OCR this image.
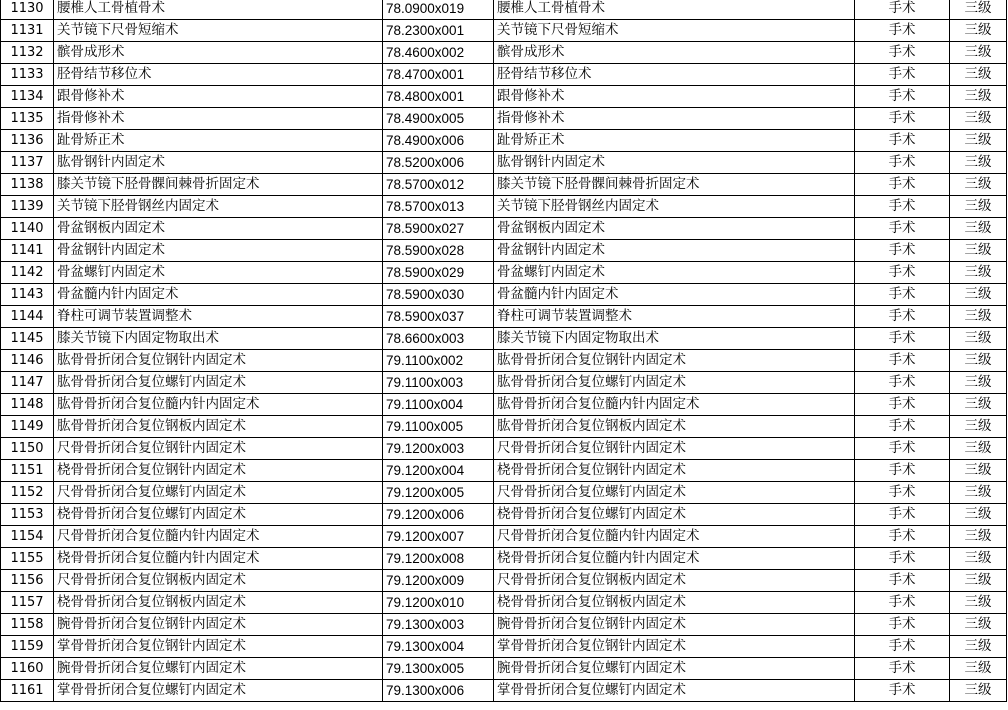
1130	腰椎人工骨植骨术	78.0900x019	腰椎人工骨植骨术	手术	三级
1131	关节镜下尺骨短缩术	78.2300x001	关节镜下尺骨短缩术	手术	三级
1132	髌骨成形术	78.4600x002	髌骨成形术	手术	三级
1133	胫骨结节移位术	78.4700x001	胫骨结节移位术	手术	三级
1134	跟骨修补术	78.4800x001	跟骨修补术	手术	三级
1135	指骨修补术	78.4900x005	指骨修补术	手术	三级
1136	趾骨矫正术	78.4900x006	趾骨矫正术	手术	三级
1137	肱骨钢针内固定术	78.5200x006	肱骨钢针内固定术	手术	三级
1138	膝关节镜下胫骨髁间棘骨折固定术	78.5700x012	膝关节镜下胫骨髁间棘骨折固定术	手术	三级
1139	关节镜下胫骨钢丝内固定术	78.5700x013	关节镜下胫骨钢丝内固定术	手术	三级
1140	骨盆钢板内固定术	78.5900x027	骨盆钢板内固定术	手术	三级
1141	骨盆钢针内固定术	78.5900x028	骨盆钢针内固定术	手术	三级
1142	骨盆螺钉内固定术	78.5900x029	骨盆螺钉内固定术	手术	三级
1143	骨盆髓内针内固定术	78.5900x030	骨盆髓内针内固定术	手术	三级
1144	脊柱可调节装置调整术	78.5900x037	脊柱可调节装置调整术	手术	三级
1145	膝关节镜下内固定物取出术	78.6600x003	膝关节镜下内固定物取出术	手术	三级
1146	肱骨骨折闭合复位钢针内固定术	79.1100x002	肱骨骨折闭合复位钢针内固定术	手术	三级
1147	肱骨骨折闭合复位螺钉内固定术	79.1100x003	肱骨骨折闭合复位螺钉内固定术	手术	三级
1148	肱骨骨折闭合复位髓内针内固定术	79.1100x004	肱骨骨折闭合复位髓内针内固定术	手术	三级
1149	肱骨骨折闭合复位钢板内固定术	79.1100x005	肱骨骨折闭合复位钢板内固定术	手术	三级
1150	尺骨骨折闭合复位钢针内固定术	79.1200x003	尺骨骨折闭合复位钢针内固定术	手术	三级
1151	桡骨骨折闭合复位钢针内固定术	79.1200x004	桡骨骨折闭合复位钢针内固定术	手术	三级
1152	尺骨骨折闭合复位螺钉内固定术	79.1200x005	尺骨骨折闭合复位螺钉内固定术	手术	三级
1153	桡骨骨折闭合复位螺钉内固定术	79.1200x006	桡骨骨折闭合复位螺钉内固定术	手术	三级
1154	尺骨骨折闭合复位髓内针内固定术	79.1200x007	尺骨骨折闭合复位髓内针内固定术	手术	三级
1155	桡骨骨折闭合复位髓内针内固定术	79.1200x008	桡骨骨折闭合复位髓内针内固定术	手术	三级
1156	尺骨骨折闭合复位钢板内固定术	79.1200x009	尺骨骨折闭合复位钢板内固定术	手术	三级
1157	桡骨骨折闭合复位钢板内固定术	79.1200x010	桡骨骨折闭合复位钢板内固定术	手术	三级
1158	腕骨骨折闭合复位钢针内固定术	79.1300x003	腕骨骨折闭合复位钢针内固定术	手术	三级
1159	掌骨骨折闭合复位钢针内固定术	79.1300x004	掌骨骨折闭合复位钢针内固定术	手术	三级
1160	腕骨骨折闭合复位螺钉内固定术	79.1300x005	腕骨骨折闭合复位螺钉内固定术	手术	三级
1161	掌骨骨折闭合复位螺钉内固定术	79.1300x006	掌骨骨折闭合复位螺钉内固定术	手术	三级
